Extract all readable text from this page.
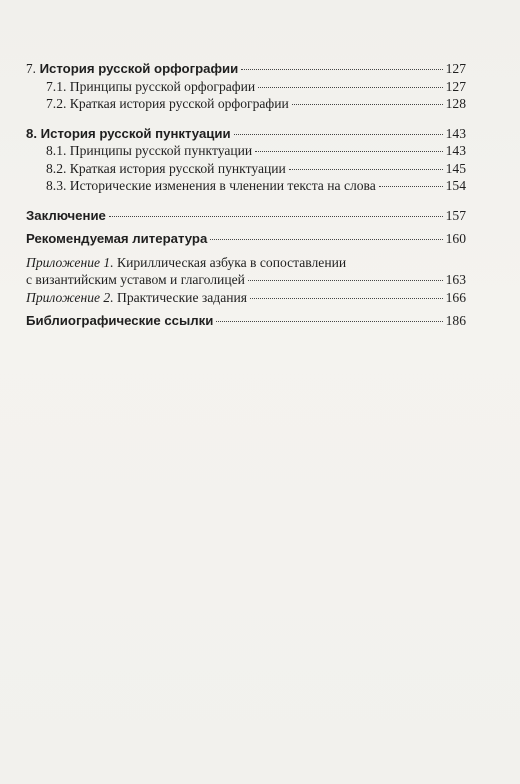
7. История русской орфографии	127
7.1. Принципы русской орфографии	127
7.2. Краткая история русской орфографии	128
8. История русской пунктуации	143
8.1. Принципы русской пунктуации	143
8.2. Краткая история русской пунктуации	145
8.3. Исторические изменения в членении текста на слова	154
Заключение	157
Рекомендуемая литература	160
Приложение 1. Кириллическая азбука в сопоставлении
с византийским уставом и глаголицей	163
Приложение 2. Практические задания	166
Библиографические ссылки	186
